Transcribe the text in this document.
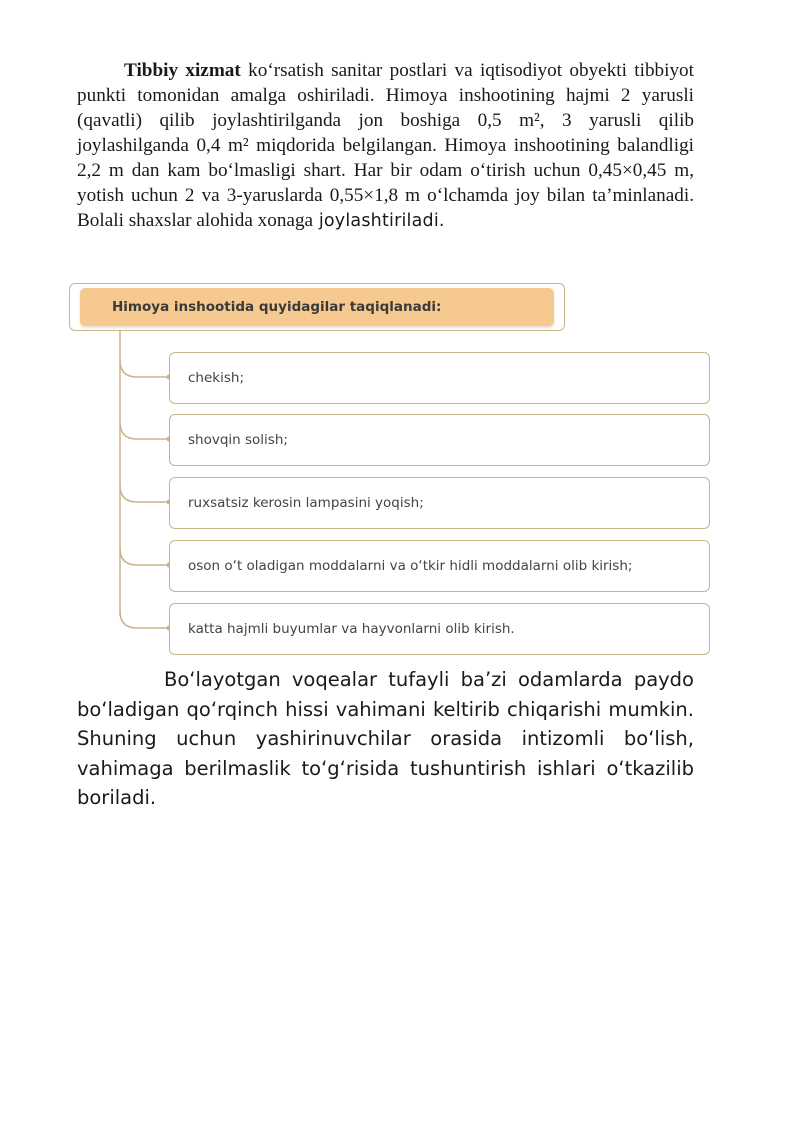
Tibbiy xizmat ko‘rsatish sanitar postlari va iqtisodiyot obyekti tibbiyot punkti tomonidan amalga oshiriladi. Himoya inshootining hajmi 2 yarusli (qavatli) qilib joylashtirilganda jon boshiga 0,5 m², 3 yarusli qilib joylashilganda 0,4 m² miqdorida belgilangan. Himoya inshootining balandligi 2,2 m dan kam bo‘lmasligi shart. Har bir odam o‘tirish uchun 0,45×0,45 m, yotish uchun 2 va 3-yaruslarda 0,55×1,8 m o‘lchamda joy bilan ta’minlanadi. Bolali shaxslar alohida xonaga joylashtiriladi.

Himoya inshootida quyidagilar taqiqlanadi:
chekish;
shovqin solish;
ruxsatsiz kerosin lampasini yoqish;
oson o‘t oladigan moddalarni va o‘tkir hidli moddalarni olib kirish;
katta hajmli buyumlar va hayvonlarni olib kirish.

Bo‘layotgan voqealar tufayli ba’zi odamlarda paydo bo‘ladigan qo‘rqinch hissi vahimani keltirib chiqarishi mumkin. Shuning uchun yashirinuvchilar orasida intizomli bo‘lish, vahimaga berilmaslik to‘g‘risida tushuntirish ishlari o‘tkazilib boriladi.
